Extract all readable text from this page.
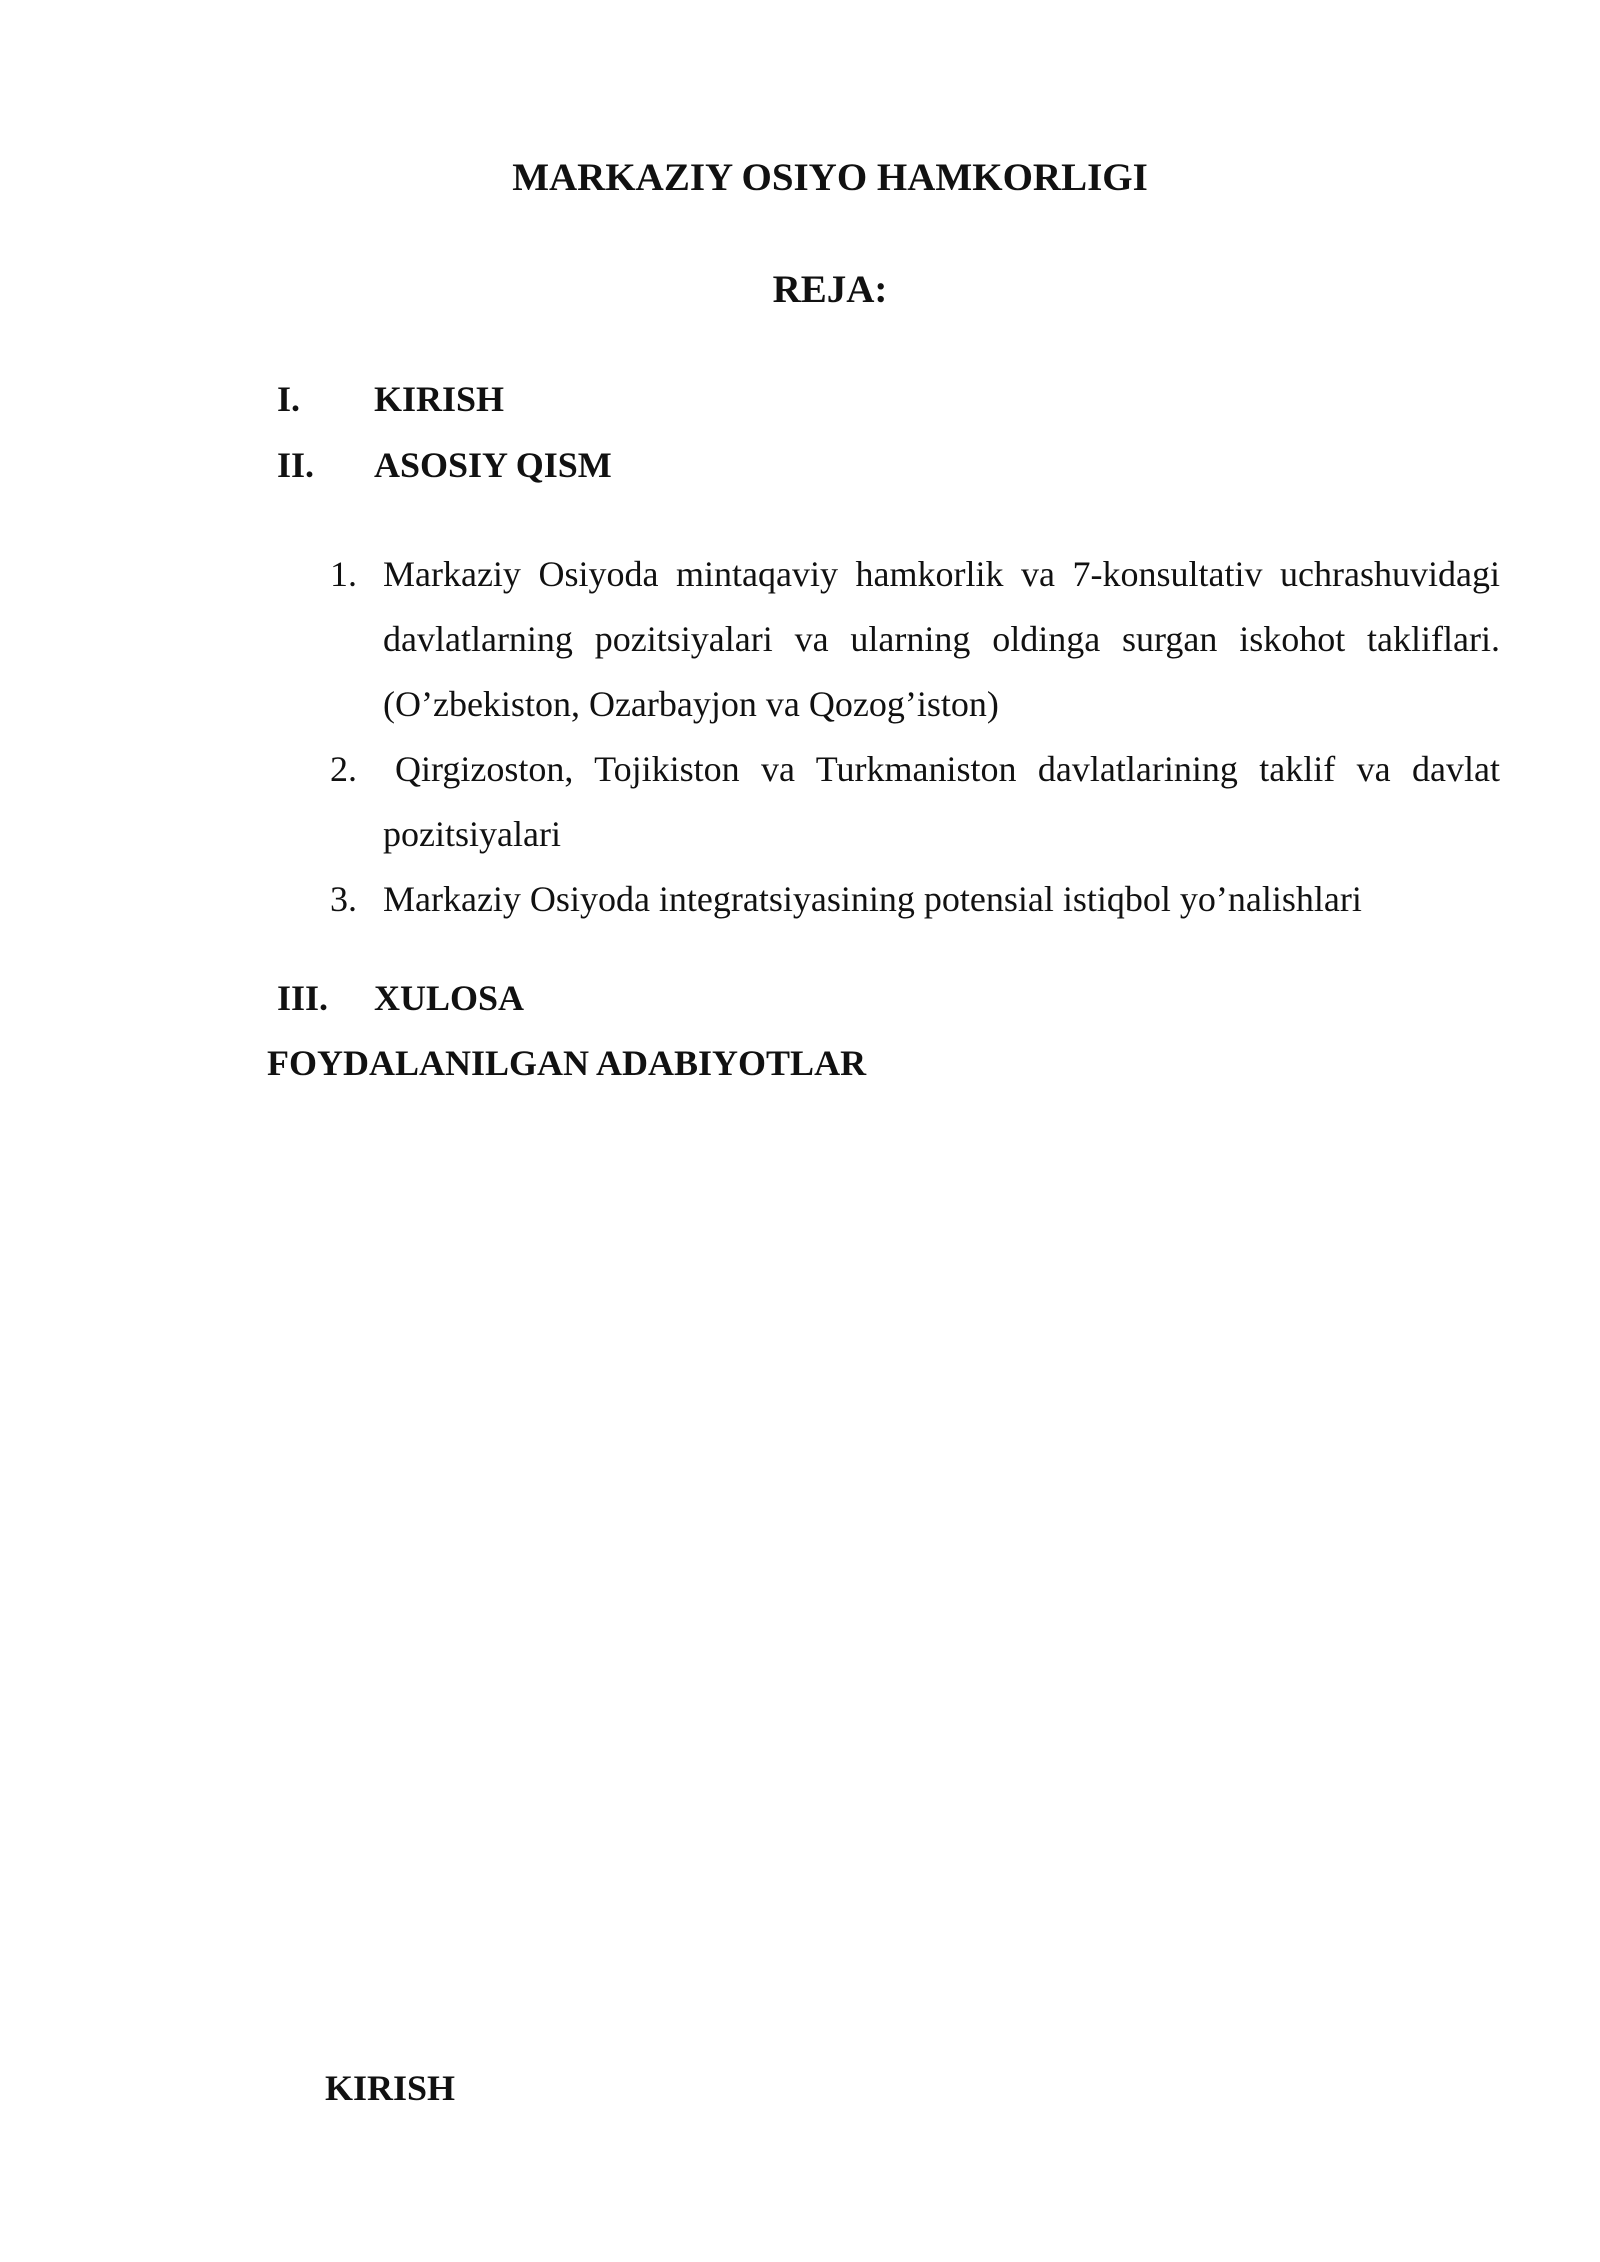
MARKAZIY OSIYO HAMKORLIGI
REJA:
I. KIRISH
II. ASOSIY QISM
1. Markaziy Osiyoda mintaqaviy hamkorlik va 7-konsultativ uchrashuvidagi davlatlarning pozitsiyalari va ularning oldinga surgan iskohot takliflari. (O’zbekiston, Ozarbayjon va Qozog’iston)
2.	Qirgizoston, Tojikiston va Turkmaniston davlatlarining taklif va davlat pozitsiyalari
3. Markaziy Osiyoda integratsiyasining potensial istiqbol yo’nalishlari
III. XULOSA
FOYDALANILGAN ADABIYOTLAR
KIRISH
